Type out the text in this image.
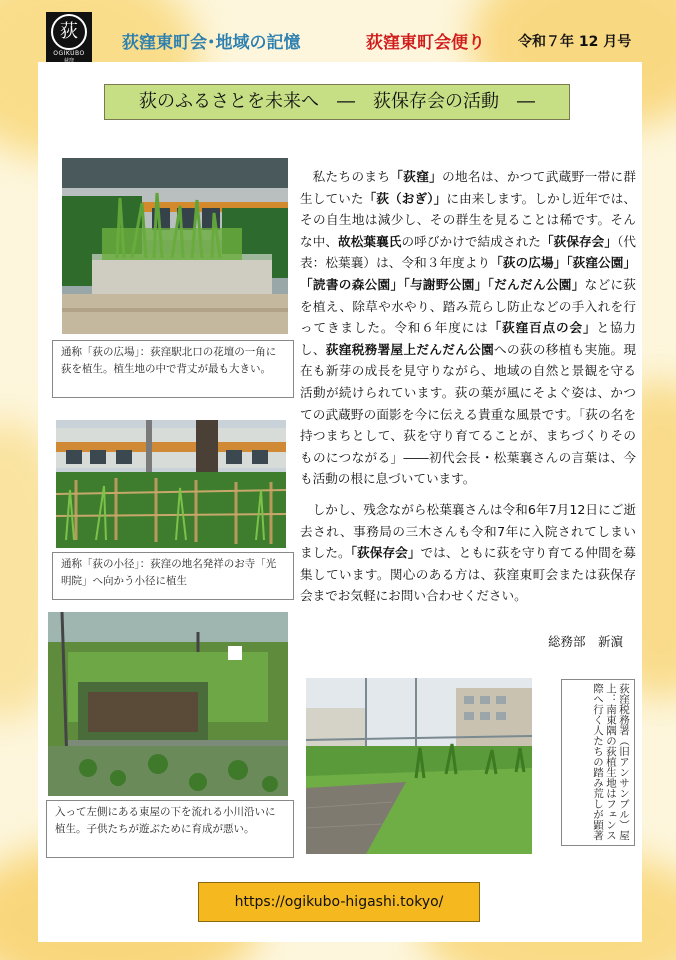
荻
OGIKUBO
荻窪
荻窪東町会･地域の記憶	荻窪東町会便り 令和７年 12 月号
荻のふるさとを未来へ　―　荻保存会の活動　―
通称「荻の広場」：荻窪駅北口の花壇の一角に荻を植生。植生地の中で背丈が最も大きい。
通称「荻の小径」：荻窪の地名発祥のお寺「光明院」へ向かう小径に植生
入って左側にある東屋の下を流れる小川沿いに植生。子供たちが遊ぶために育成が悪い。	荻窪税務署（旧アンサンブル）屋上：南東隅の荻植生地はフェンス際へ行く人たちの踏み荒しが顕著

私たちのまち「荻窪」の地名は、かつて武蔵野一帯に群生していた「荻（おぎ）」に由来します。しかし近年では、その自生地は減少し、その群生を見ることは稀です。そんな中、故松葉襄氏の呼びかけで結成された「荻保存会」（代表：松葉襄）は、令和３年度より「荻の広場」「荻窪公園」「読書の森公園」「与謝野公園」「だんだん公園」などに荻を植え、除草や水やり、踏み荒らし防止などの手入れを行ってきました。令和６年度には「荻窪百点の会」と協力し、荻窪税務署屋上だんだん公園への荻の移植も実施。現在も新芽の成長を見守りながら、地域の自然と景観を守る活動が続けられています。荻の葉が風にそよぐ姿は、かつての武蔵野の面影を今に伝える貴重な風景です。「荻の名を持つまちとして、荻を守り育てることが、まちづくりそのものにつながる」――初代会長・松葉襄さんの言葉は、今も活動の根に息づいています。

しかし、残念ながら松葉襄さんは令和6年7月12日にご逝去され、事務局の三木さんも令和7年に入院されてしまいました。「荻保存会」では、ともに荻を守り育てる仲間を募集しています。関心のある方は、荻窪東町会または荻保存会までお気軽にお問い合わせください。

総務部　新濵
https://ogikubo-higashi.tokyo/
